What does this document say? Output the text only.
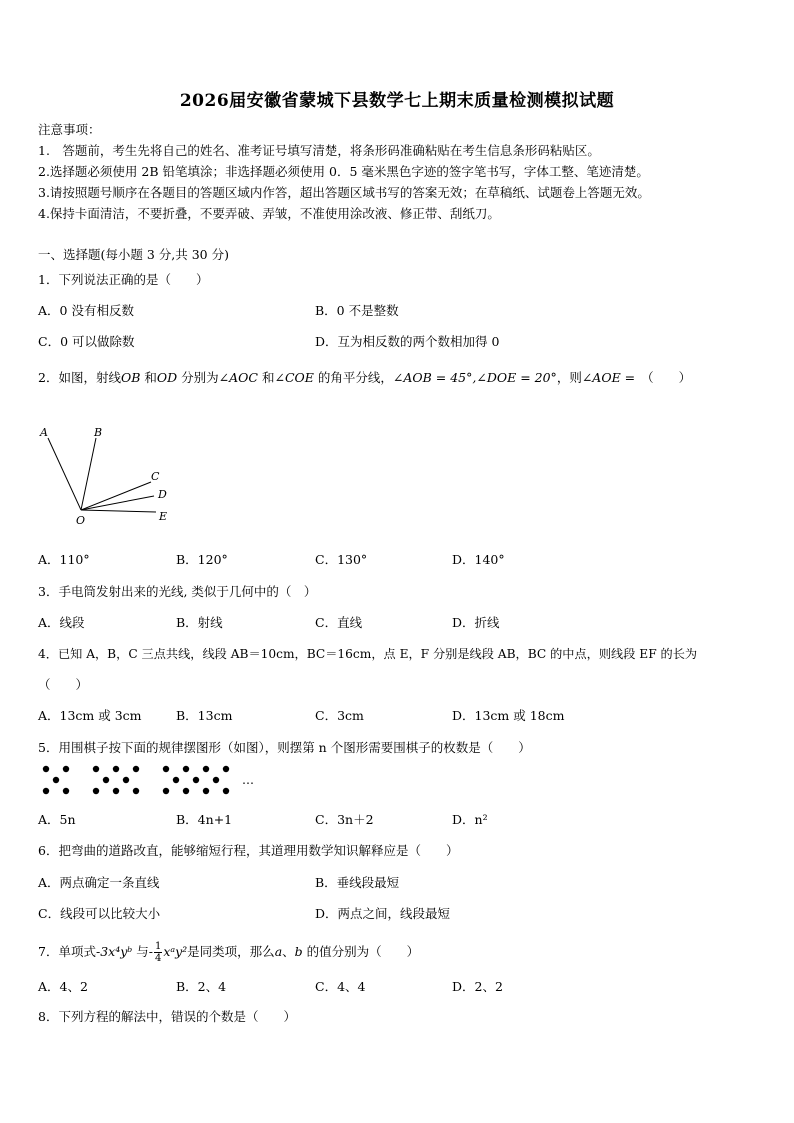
2026届安徽省蒙城下县数学七上期末质量检测模拟试题
注意事项：
1.　答题前，考生先将自己的姓名、准考证号填写清楚，将条形码准确粘贴在考生信息条形码粘贴区。
2.选择题必须使用 2B 铅笔填涂；非选择题必须使用 0．5 毫米黑色字迹的签字笔书写，字体工整、笔迹清楚。
3.请按照题号顺序在各题目的答题区域内作答，超出答题区域书写的答案无效；在草稿纸、试题卷上答题无效。
4.保持卡面清洁，不要折叠，不要弄破、弄皱，不准使用涂改液、修正带、刮纸刀。
一、选择题(每小题 3 分,共 30 分)
1．下列说法正确的是（　　）
A．0 没有相反数	B．0 不是整数
C．0 可以做除数	D．互为相反数的两个数相加得 0
2．如图，射线OB 和OD 分别为∠AOC 和∠COE 的角平分线，∠AOB = 45°,∠DOE = 20°，则∠AOE = （　　）
A	B
C
D
O	E
A．110°	B．120°	C．130°	D．140°
3．手电筒发射出来的光线, 类似于几何中的（　）
A．线段	B．射线	C．直线	D．折线
4．已知 A，B，C 三点共线，线段 AB＝10cm，BC＝16cm，点 E，F 分别是线段 AB，BC 的中点，则线段 EF 的长为
（　　）
A．13cm 或 3cm	B．13cm	C．3cm	D．13cm 或 18cm
5．用围棋子按下面的规律摆图形（如图），则摆第 n 个图形需要围棋子的枚数是（　　）
…
A．5n	B．4n+1	C．3n＋2	D．n²
6．把弯曲的道路改直，能够缩短行程，其道理用数学知识解释应是（　　）
A．两点确定一条直线	B．垂线段最短
C．线段可以比较大小	D．两点之间，线段最短
7．单项式-3x⁴yᵇ 与- $\frac{1}{4}$ xᵃy²是同类项，那么a、b 的值分别为（　　）
A．4、2	B．2、4	C．4、4	D．2、2
8．下列方程的解法中，错误的个数是（　　）
